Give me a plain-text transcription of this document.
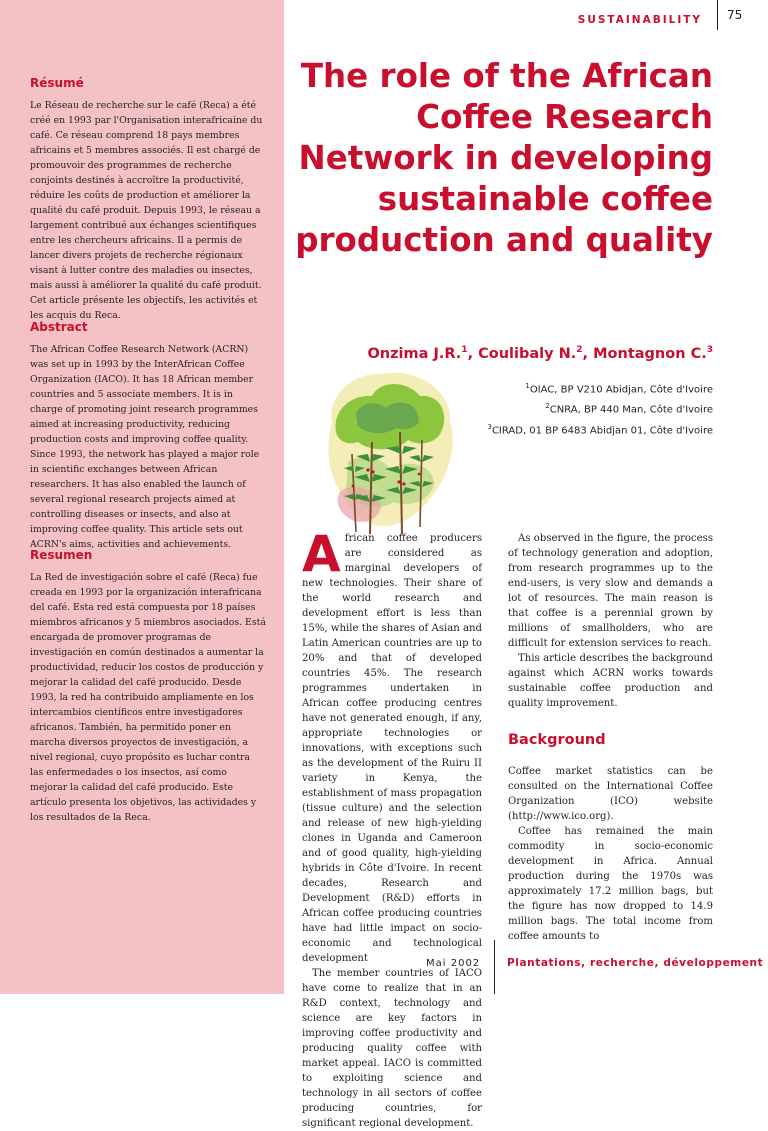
SUSTAINABILITY 75
Résumé

Le Réseau de recherche sur le café (Reca) a été créé en 1993 par l'Organisation interafricaine du café. Ce réseau comprend 18 pays membres africains et 5 membres associés. Il est chargé de promouvoir des programmes de recherche conjoints destinés à accroître la productivité, réduire les coûts de production et améliorer la qualité du café produit. Depuis 1993, le réseau a largement contribué aux échanges scientifiques entre les chercheurs africains. Il a permis de lancer divers projets de recherche régionaux visant à lutter contre des maladies ou insectes, mais aussi à améliorer la qualité du café produit. Cet article présente les objectifs, les activités et les acquis du Reca.

Abstract

The African Coffee Research Network (ACRN) was set up in 1993 by the InterAfrican Coffee Organization (IACO). It has 18 African member countries and 5 associate members. It is in charge of promoting joint research programmes aimed at increasing productivity, reducing production costs and improving coffee quality. Since 1993, the network has played a major role in scientific exchanges between African researchers. It has also enabled the launch of several regional research projects aimed at controlling diseases or insects, and also at improving coffee quality. This article sets out ACRN's aims, activities and achievements.

Resumen

La Red de investigación sobre el café (Reca) fue creada en 1993 por la organización interafricana del café. Esta red está compuesta por 18 países miembros africanos y 5 miembros asociados. Está encargada de promover programas de investigación en común destinados a aumentar la productividad, reducir los costos de producción y mejorar la calidad del café producido. Desde 1993, la red ha contribuido ampliamente en los intercambios científicos entre investigadores africanos. También, ha permitido poner en marcha diversos proyectos de investigación, a nivel regional, cuyo propósito es luchar contra las enfermedades o los insectos, así como mejorar la calidad del café producido. Este artículo presenta los objetivos, las actividades y los resultados de la Reca.

The role of the African Coffee Research Network in developing sustainable coffee production and quality
Onzima J.R.$^1$, Coulibaly N.$^2$, Montagnon C.$^3$
$^1$OIAC, BP V210 Abidjan, Côte d'Ivoire
$^2$CNRA, BP 440 Man, Côte d'Ivoire
$^3$CIRAD, 01 BP 6483 Abidjan 01, Côte d'Ivoire

African coffee producers are considered as marginal developers of new technologies. Their share of the world research and development effort is less than 15%, while the shares of Asian and Latin American countries are up to 20% and that of developed countries 45%. The research programmes undertaken in African coffee producing centres have not generated enough, if any, appropriate technologies or innovations, with exceptions such as the development of the Ruiru II variety in Kenya, the establishment of mass propagation (tissue culture) and the selection and release of new high-yielding clones in Uganda and Cameroon and of good quality, high-yielding hybrids in Côte d'Ivoire. In recent decades, Research and Development (R&D) efforts in African coffee producing countries have had little impact on socio-economic and technological development

The member countries of IACO have come to realize that in an R&D context, technology and science are key factors in improving coffee productivity and producing quality coffee with market appeal. IACO is committed to exploiting science and technology in all sectors of coffee producing countries, for significant regional development.

As observed in the figure, the process of technology generation and adoption, from research programmes up to the end-users, is very slow and demands a lot of resources. The main reason is that coffee is a perennial grown by millions of smallholders, who are difficult for extension services to reach.

This article describes the background against which ACRN works towards sustainable coffee production and quality improvement.

Background

Coffee market statistics can be consulted on the International Coffee Organization (ICO) website (http://www.ico.org).

Coffee has remained the main commodity in socio-economic development in Africa. Annual production during the 1970s was approximately 17.2 million bags, but the figure has now dropped to 14.9 million bags. The total income from coffee amounts to

Mai 2002	Plantations, recherche, développement
